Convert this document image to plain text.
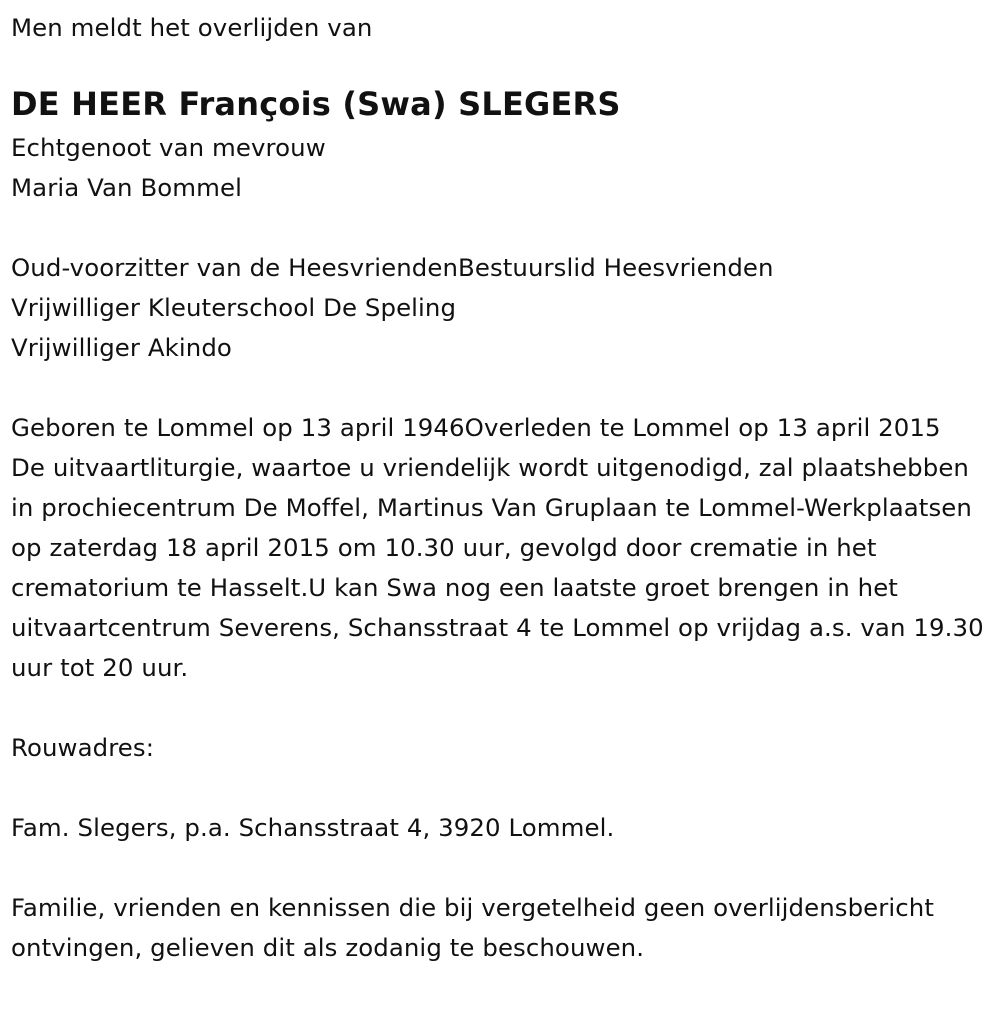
Men meldt het overlijden van
DE HEER François (Swa) SLEGERS
Echtgenoot van mevrouw
Maria Van Bommel
Oud-voorzitter van de HeesvriendenBestuurslid Heesvrienden
Vrijwilliger Kleuterschool De Speling
Vrijwilliger Akindo
Geboren te Lommel op 13 april 1946Overleden te Lommel op 13 april 2015
De uitvaartliturgie, waartoe u vriendelijk wordt uitgenodigd, zal plaatshebben in prochiecentrum De Moffel, Martinus Van Gruplaan te Lommel-Werkplaatsen op zaterdag 18 april 2015 om 10.30 uur, gevolgd door crematie in het crematorium te Hasselt.U kan Swa nog een laatste groet brengen in het uitvaartcentrum Severens, Schansstraat 4 te Lommel op vrijdag a.s. van 19.30 uur tot 20 uur.
Rouwadres:
Fam. Slegers, p.a. Schansstraat 4, 3920 Lommel.
Familie, vrienden en kennissen die bij vergetelheid geen overlijdensbericht ontvingen, gelieven dit als zodanig te beschouwen.
